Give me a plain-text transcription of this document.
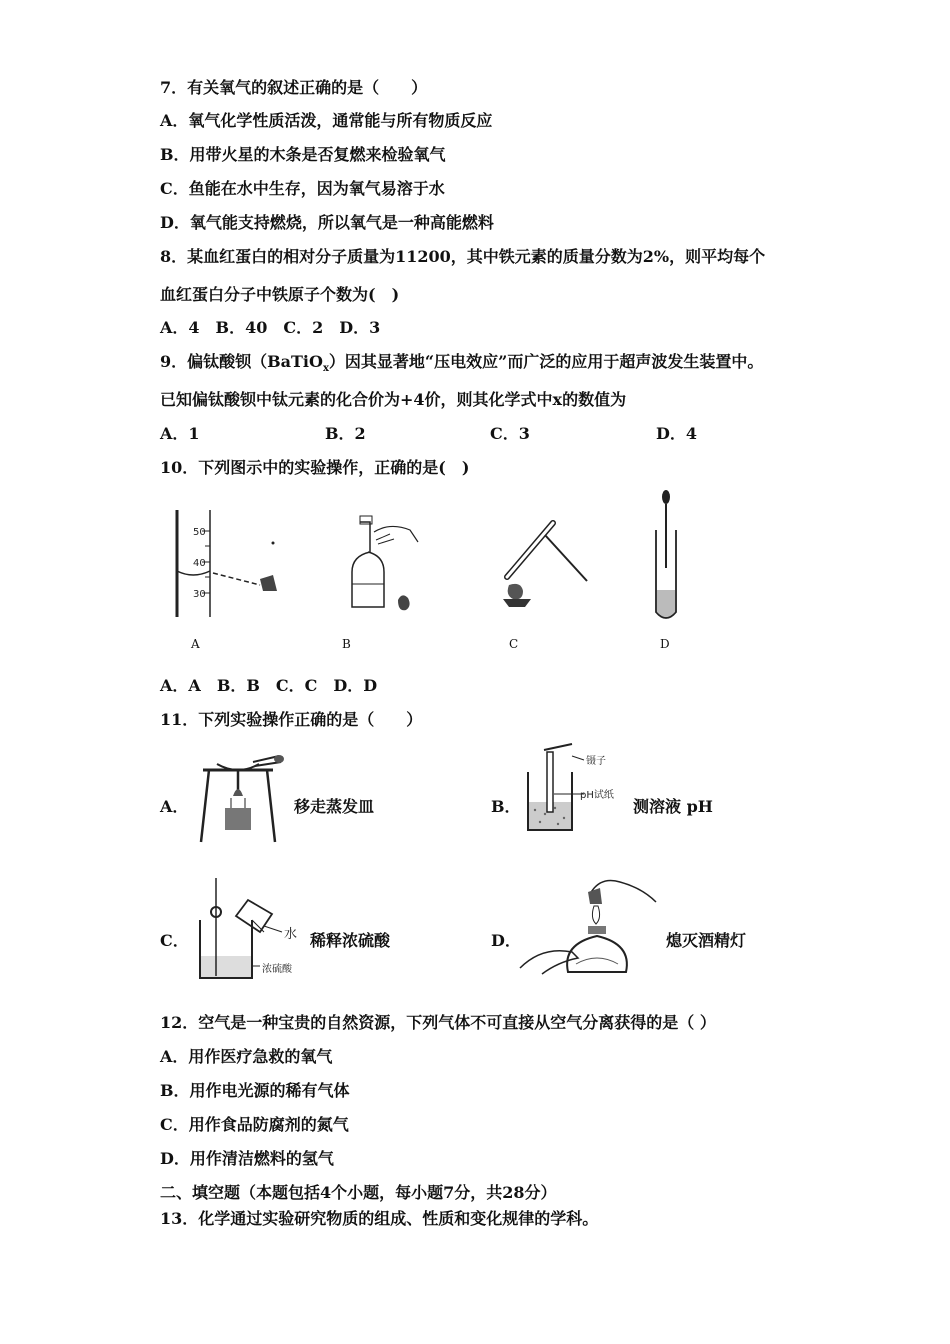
7．有关氧气的叙述正确的是（　　）
A．氧气化学性质活泼，通常能与所有物质反应
B．用带火星的木条是否复燃来检验氧气
C．鱼能在水中生存，因为氧气易溶于水
D．氧气能支持燃烧，所以氧气是一种高能燃料
8．某血红蛋白的相对分子质量为11200，其中铁元素的质量分数为2%，则平均每个
血红蛋白分子中铁原子个数为(　)
A．4　B．40　C．2　D．3
9．偏钛酸钡（BaTiO$_x$）因其显著地“压电效应”而广泛的应用于超声波发生装置中。
已知偏钛酸钡中钛元素的化合价为+4价，则其化学式中x的数值为
A．1	B．2	C．3	D．4
10．下列图示中的实验操作，正确的是(　)
50
40
30
A	B	C	D
A．A　B．B　C．C　D．D
11．下列实验操作正确的是（　　）
A．	移走蒸发皿	B．
镊子
pH试纸
测溶液 pH
C．	水
浓硫酸
稀释浓硫酸	D．	熄灭酒精灯
12．空气是一种宝贵的自然资源，下列气体不可直接从空气分离获得的是（ ）
A．用作医疗急救的氧气
B．用作电光源的稀有气体
C．用作食品防腐剂的氮气
D．用作清洁燃料的氢气
二、填空题（本题包括4个小题，每小题7分，共28分）
13．化学通过实验研究物质的组成、性质和变化规律的学科。
